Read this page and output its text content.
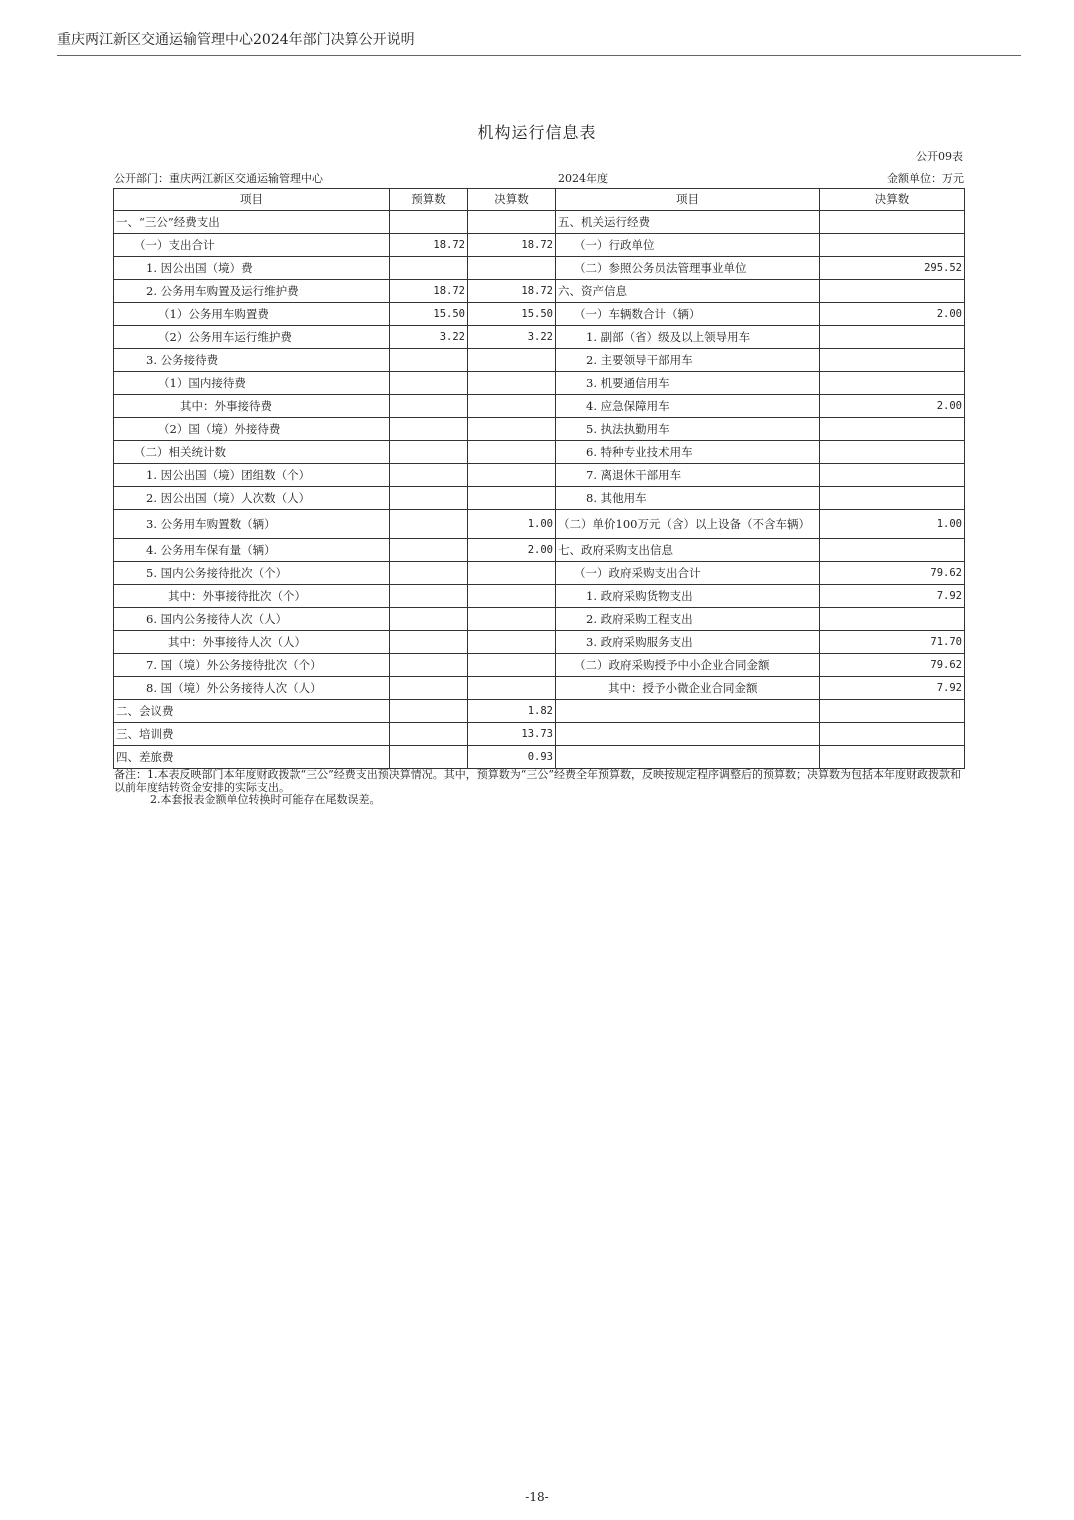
重庆两江新区交通运输管理中心2024年部门决算公开说明
机构运行信息表
公开09表
公开部门：重庆两江新区交通运输管理中心	2024年度	金额单位：万元
项目	预算数	决算数	项目	决算数
一、“三公”经费支出			五、机关运行经费	
（一）支出合计	18.72	18.72	（一）行政单位	
1. 因公出国（境）费			（二）参照公务员法管理事业单位	295.52
2. 公务用车购置及运行维护费	18.72	18.72	六、资产信息	
（1）公务用车购置费	15.50	15.50	（一）车辆数合计（辆）	2.00
（2）公务用车运行维护费	3.22	3.22	1. 副部（省）级及以上领导用车	
3. 公务接待费			2. 主要领导干部用车	
（1）国内接待费			3. 机要通信用车	
其中：外事接待费			4. 应急保障用车	2.00
（2）国（境）外接待费			5. 执法执勤用车	
（二）相关统计数			6. 特种专业技术用车	
1. 因公出国（境）团组数（个）			7. 离退休干部用车	
2. 因公出国（境）人次数（人）			8. 其他用车	
3. 公务用车购置数（辆）		1.00	（二）单价100万元（含）以上设备（不含车辆）	1.00
4. 公务用车保有量（辆）		2.00	七、政府采购支出信息	
5. 国内公务接待批次（个）			（一）政府采购支出合计	79.62
其中：外事接待批次（个）			1. 政府采购货物支出	7.92
6. 国内公务接待人次（人）			2. 政府采购工程支出	
其中：外事接待人次（人）			3. 政府采购服务支出	71.70
7. 国（境）外公务接待批次（个）			（二）政府采购授予中小企业合同金额	79.62
8. 国（境）外公务接待人次（人）			其中：授予小微企业合同金额	7.92
二、会议费		1.82		
三、培训费		13.73		
四、差旅费		0.93		
备注：1.本表反映部门本年度财政拨款“三公”经费支出预决算情况。其中，预算数为“三公”经费全年预算数，反映按规定程序调整后的预算数；决算数为包括本年度财政拨款和以前年度结转资金安排的实际支出。
2.本套报表金额单位转换时可能存在尾数误差。
-18-
